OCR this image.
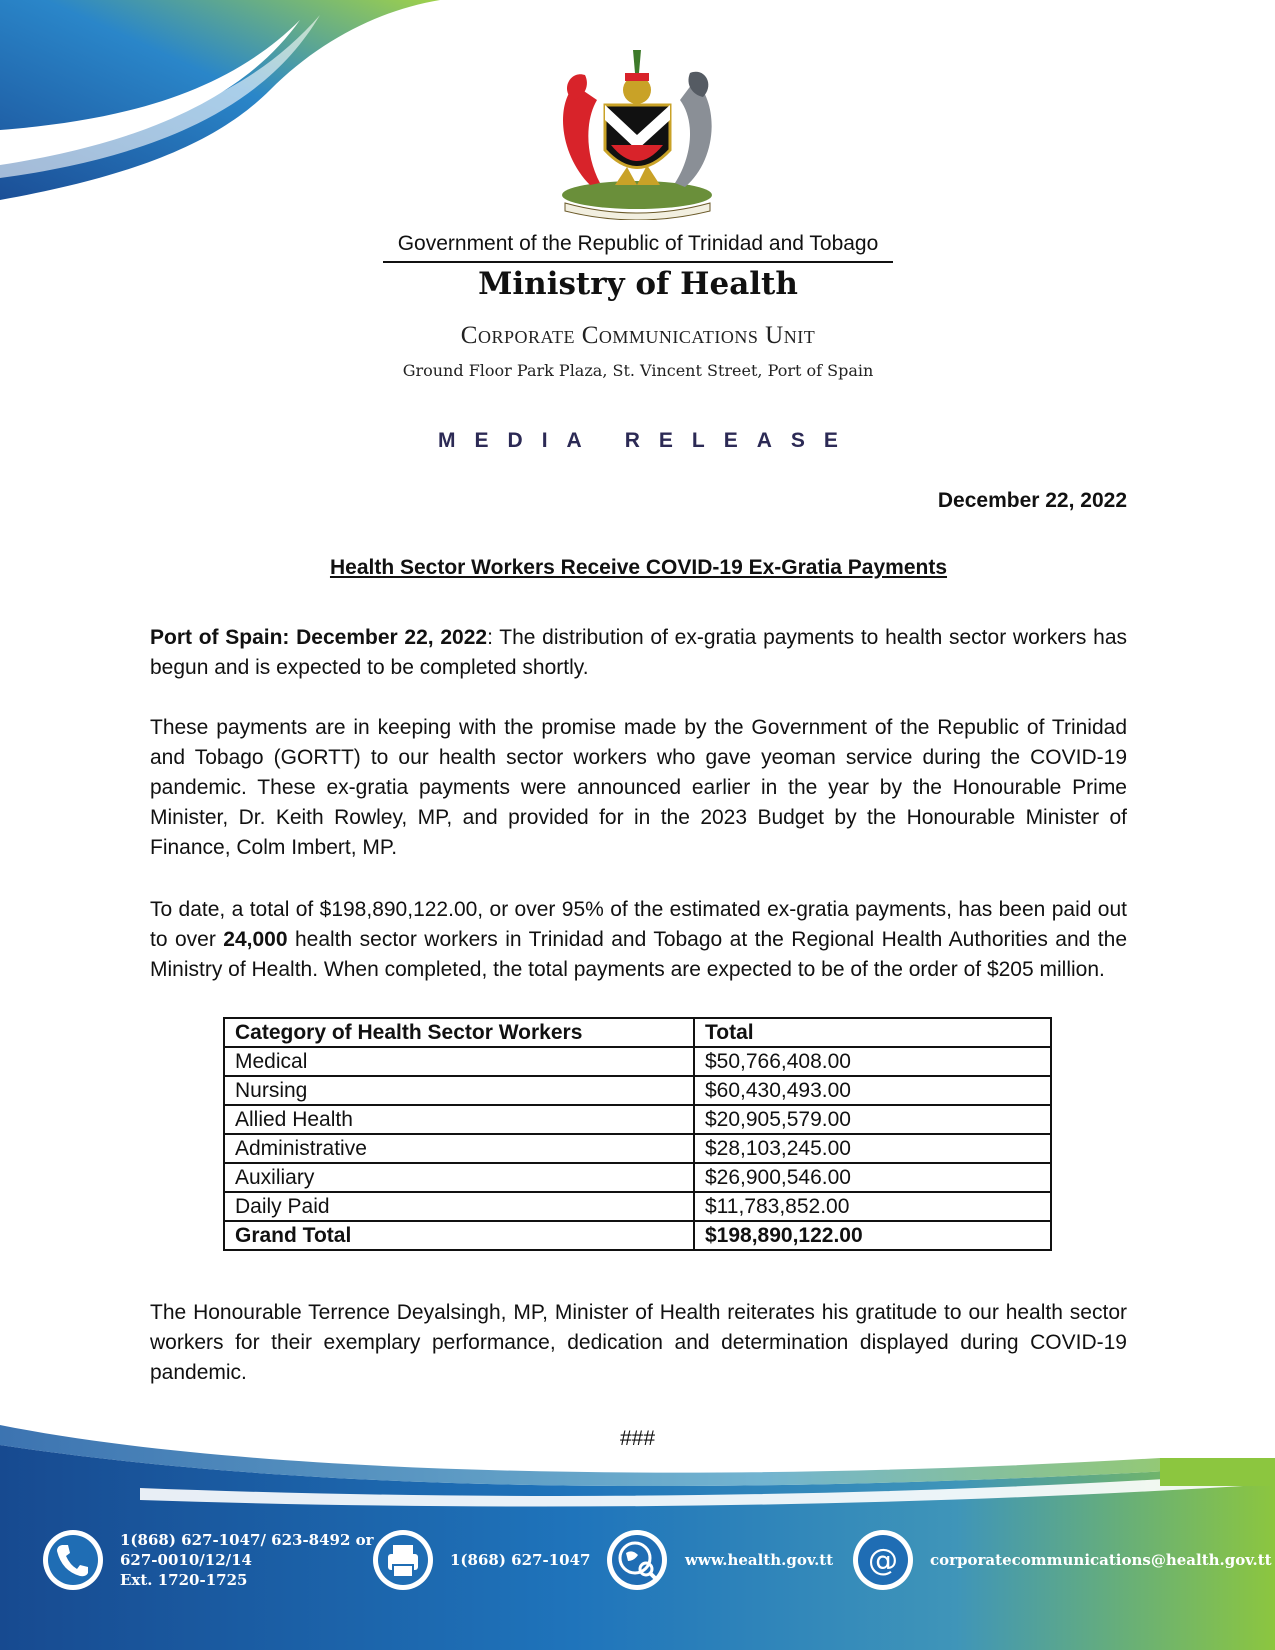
Government of the Republic of Trinidad and Tobago
Ministry of Health
Corporate Communications Unit
Ground Floor Park Plaza, St. Vincent Street, Port of Spain
MEDIA RELEASE
December 22, 2022
Health Sector Workers Receive COVID-19 Ex-Gratia Payments
Port of Spain: December 22, 2022: The distribution of ex-gratia payments to health sector workers has begun and is expected to be completed shortly.
These payments are in keeping with the promise made by the Government of the Republic of Trinidad and Tobago (GORTT) to our health sector workers who gave yeoman service during the COVID-19 pandemic. These ex-gratia payments were announced earlier in the year by the Honourable Prime Minister, Dr. Keith Rowley, MP, and provided for in the 2023 Budget by the Honourable Minister of Finance, Colm Imbert, MP.
To date, a total of $198,890,122.00, or over 95% of the estimated ex-gratia payments, has been paid out to over 24,000 health sector workers in Trinidad and Tobago at the Regional Health Authorities and the Ministry of Health. When completed, the total payments are expected to be of the order of $205 million.
Category of Health Sector Workers	Total
Medical	$50,766,408.00
Nursing	$60,430,493.00
Allied Health	$20,905,579.00
Administrative	$28,103,245.00
Auxiliary	$26,900,546.00
Daily Paid	$11,783,852.00
Grand Total	$198,890,122.00
The Honourable Terrence Deyalsingh, MP, Minister of Health reiterates his gratitude to our health sector workers for their exemplary performance, dedication and determination displayed during COVID-19 pandemic.
###
1(868) 627-1047/ 623-8492 or
627-0010/12/14
Ext. 1720-1725
1(868) 627-1047	www.health.gov.tt @ corporatecommunications@health.gov.tt
